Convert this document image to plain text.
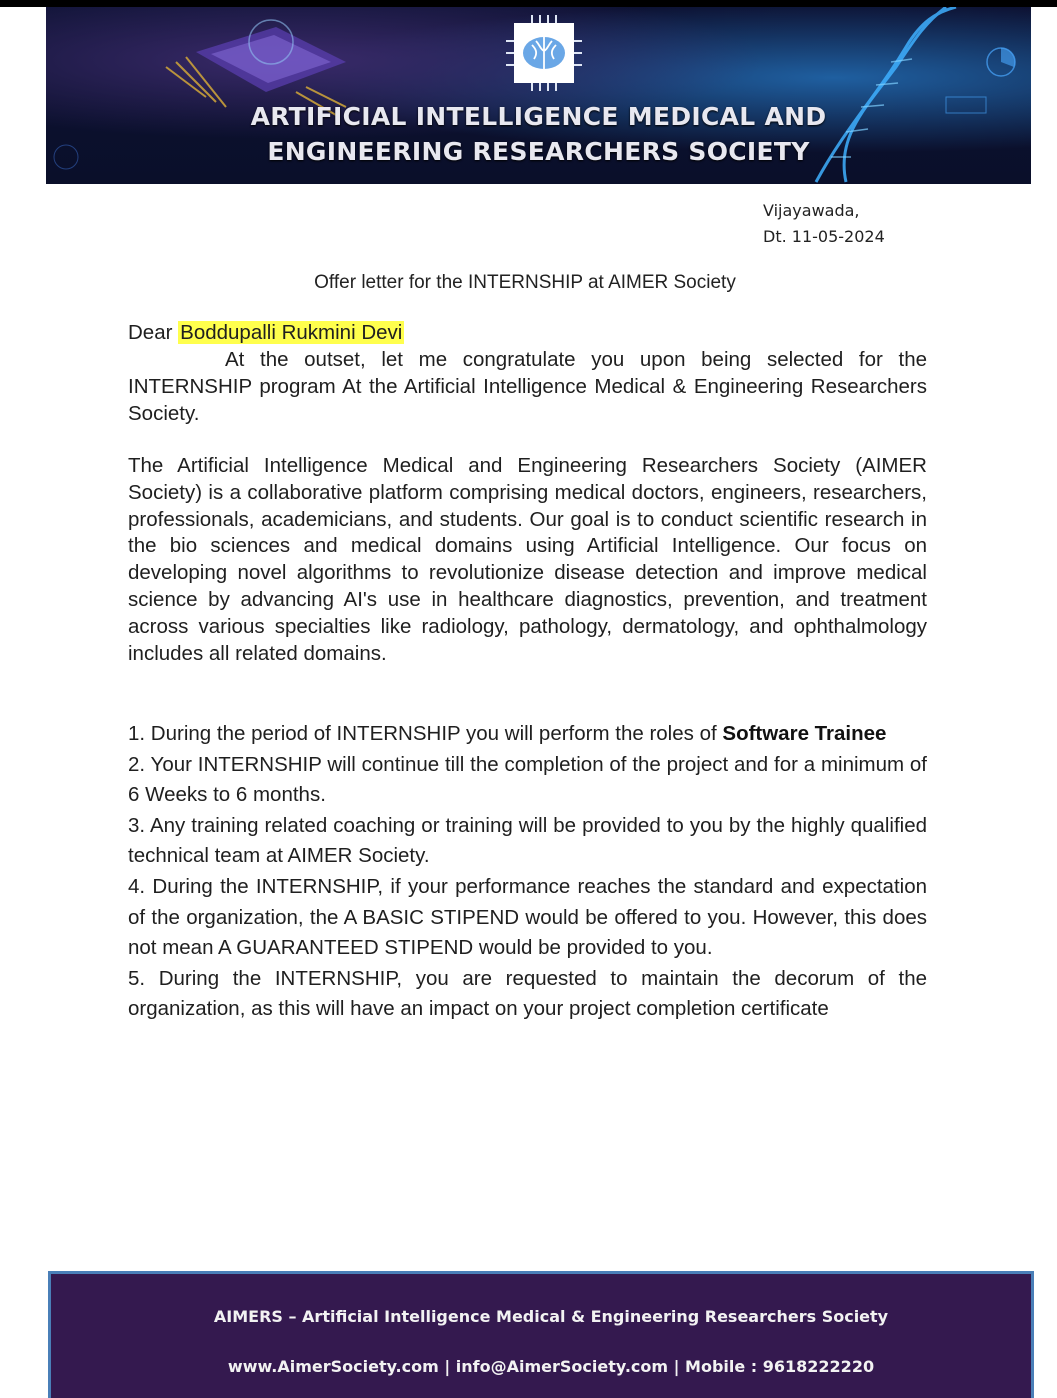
ARTIFICIAL INTELLIGENCE MEDICAL AND
ENGINEERING RESEARCHERS SOCIETY
Vijayawada,
Dt. 11-05-2024
Offer letter for the INTERNSHIP at AIMER Society
Dear Boddupalli Rukmini Devi
At the outset, let me congratulate you upon being selected for the INTERNSHIP program At the Artificial Intelligence Medical & Engineering Researchers Society.
The Artificial Intelligence Medical and Engineering Researchers Society (AIMER Society) is a collaborative platform comprising medical doctors, engineers, researchers, professionals, academicians, and students. Our goal is to conduct scientific research in the bio sciences and medical domains using Artificial Intelligence. Our focus on developing novel algorithms to revolutionize disease detection and improve medical science by advancing AI's use in healthcare diagnostics, prevention, and treatment across various specialties like radiology, pathology, dermatology, and ophthalmology includes all related domains.

1. During the period of INTERNSHIP you will perform the roles of Software Trainee

2. Your INTERNSHIP will continue till the completion of the project and for a minimum of 6 Weeks to 6 months.

3. Any training related coaching or training will be provided to you by the highly qualified technical team at AIMER Society.

4. During the INTERNSHIP, if your performance reaches the standard and expectation of the organization, the A BASIC STIPEND would be offered to you. However, this does not mean A GUARANTEED STIPEND would be provided to you.

5. During the INTERNSHIP, you are requested to maintain the decorum of the organization, as this will have an impact on your project completion certificate

AIMERS – Artificial Intelligence Medical & Engineering Researchers Society
www.AimerSociety.com | info@AimerSociety.com | Mobile : 9618222220
